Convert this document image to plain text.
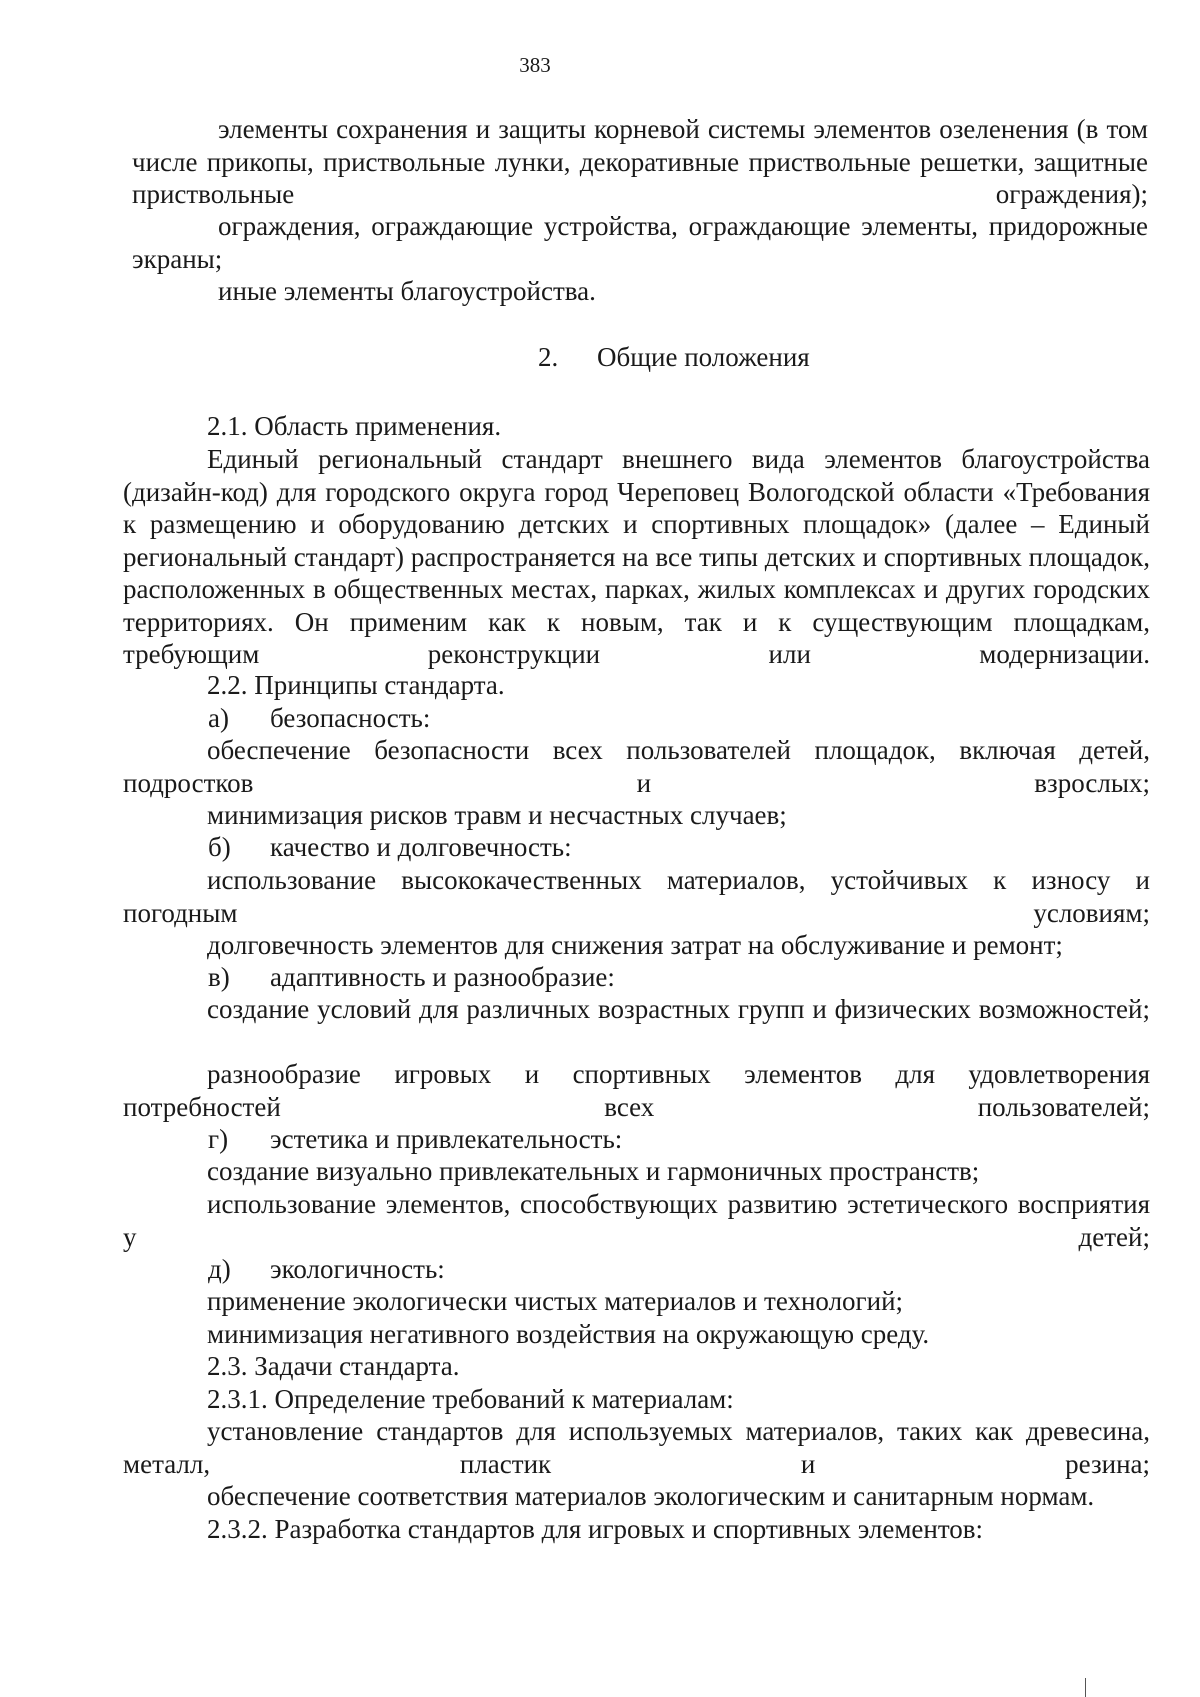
383
элементы сохранения и защиты корневой системы элементов озеленения (в том числе прикопы, приствольные лунки, декоративные приствольные решетки, защитные приствольные ограждения);
ограждения, ограждающие устройства, ограждающие элементы, придорожные экраны;
иные элементы благоустройства.
2. Общие положения
2.1. Область применения.
Единый региональный стандарт внешнего вида элементов благоустройства (дизайн-код) для городского округа город Череповец Вологодской области «Требования к размещению и оборудованию детских и спортивных площадок» (далее – Единый региональный стандарт) распространяется на все типы детских и спортивных площадок, расположенных в общественных местах, парках, жилых комплексах и других городских территориях. Он применим как к новым, так и к существующим площадкам, требующим реконструкции или модернизации.
2.2. Принципы стандарта.
а) безопасность:
обеспечение безопасности всех пользователей площадок, включая детей, подростков и взрослых;
минимизация рисков травм и несчастных случаев;
б) качество и долговечность:
использование высококачественных материалов, устойчивых к износу и погодным условиям;
долговечность элементов для снижения затрат на обслуживание и ремонт;
в) адаптивность и разнообразие:
создание условий для различных возрастных групп и физических возможностей;
разнообразие игровых и спортивных элементов для удовлетворения потребностей всех пользователей;
г) эстетика и привлекательность:
создание визуально привлекательных и гармоничных пространств;
использование элементов, способствующих развитию эстетического восприятия у детей;
д) экологичность:
применение экологически чистых материалов и технологий;
минимизация негативного воздействия на окружающую среду.
2.3. Задачи стандарта.
2.3.1. Определение требований к материалам:
установление стандартов для используемых материалов, таких как древесина, металл, пластик и резина;
обеспечение соответствия материалов экологическим и санитарным нормам.
2.3.2. Разработка стандартов для игровых и спортивных элементов:
